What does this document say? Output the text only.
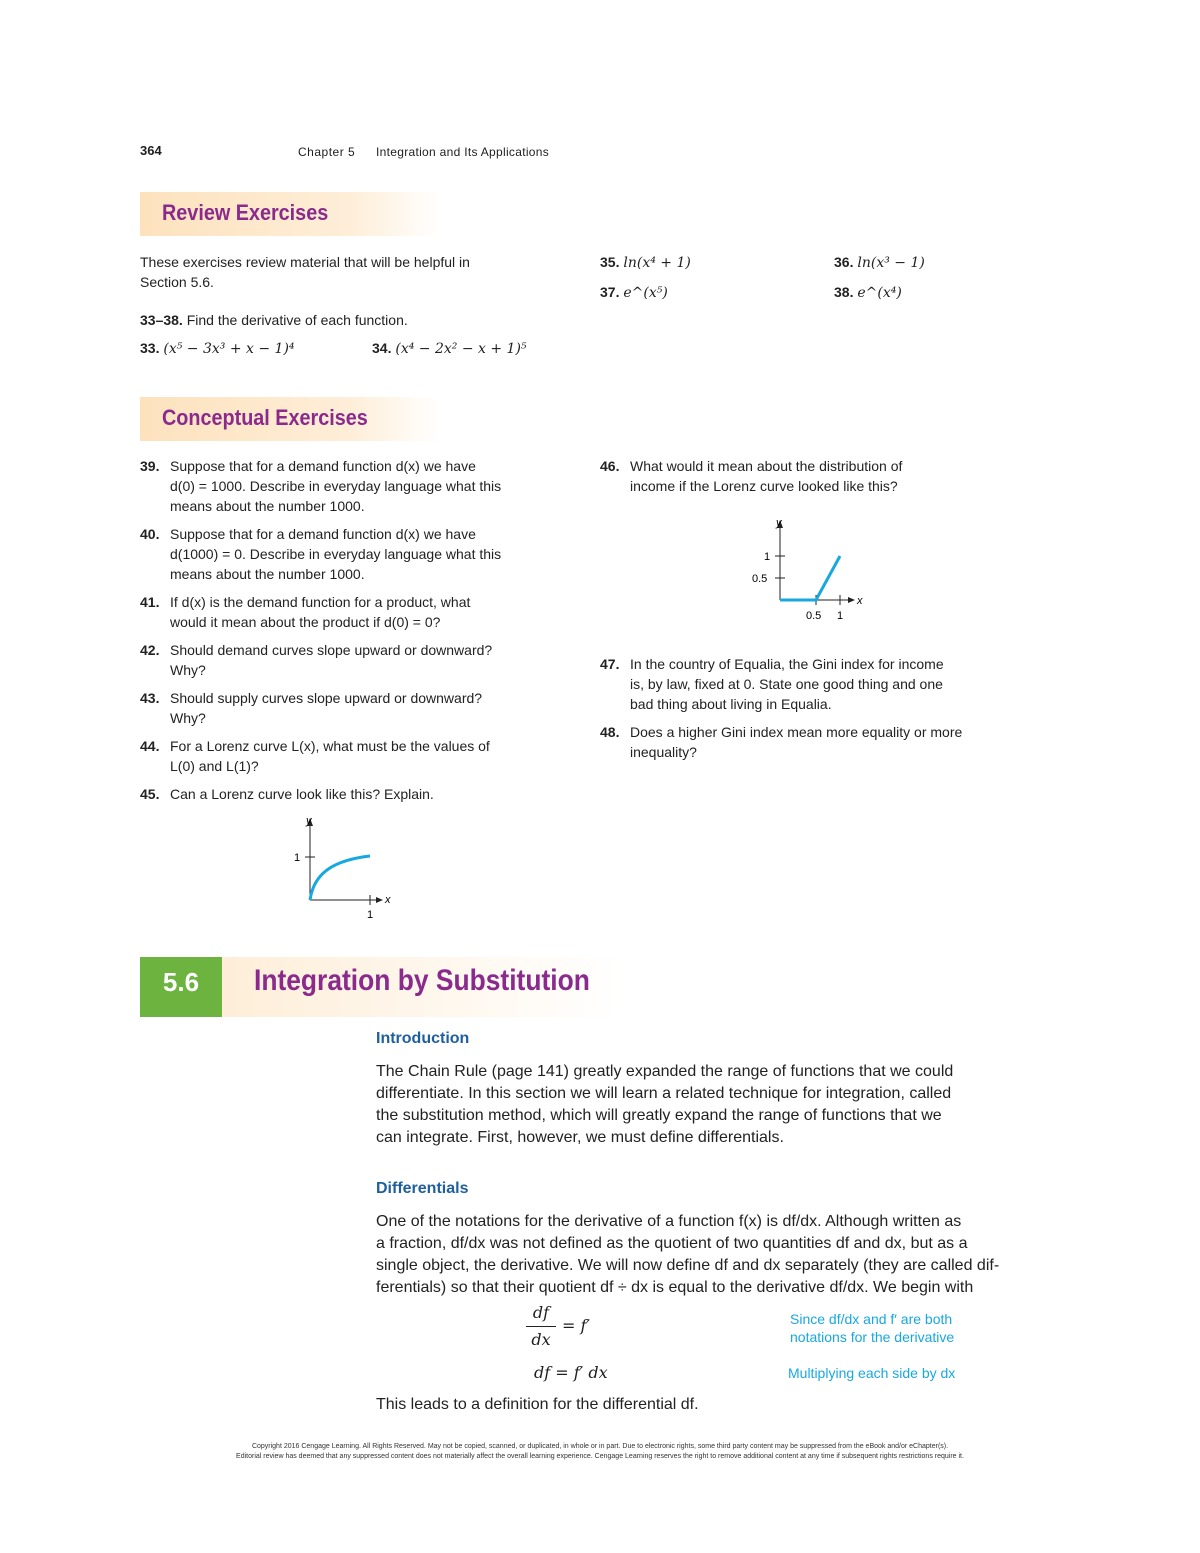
364	Chapter 5 Integration and Its Applications
Review Exercises
These exercises review material that will be helpful in
Section 5.6.
33–38. Find the derivative of each function.
33. (x⁵ − 3x³ + x − 1)⁴	34. (x⁴ − 2x² − x + 1)⁵
35. ln(x⁴ + 1)	36. ln(x³ − 1)
37. e^(x⁵)	38. e^(x⁴)
Conceptual Exercises
39. Suppose that for a demand function d(x) we have
d(0) = 1000. Describe in everyday language what this
means about the number 1000.
40. Suppose that for a demand function d(x) we have
d(1000) = 0. Describe in everyday language what this
means about the number 1000.
41. If d(x) is the demand function for a product, what
would it mean about the product if d(0) = 0?
42. Should demand curves slope upward or downward?
Why?
43. Should supply curves slope upward or downward?
Why?
44. For a Lorenz curve L(x), what must be the values of
L(0) and L(1)?
45. Can a Lorenz curve look like this? Explain.
y
x
1
1
46. What would it mean about the distribution of
income if the Lorenz curve looked like this?
y
x
1
0.5
0.5 1
47. In the country of Equalia, the Gini index for income
is, by law, fixed at 0. State one good thing and one
bad thing about living in Equalia.
48. Does a higher Gini index mean more equality or more
inequality?
5.6	Integration by Substitution
Introduction
The Chain Rule (page 141) greatly expanded the range of functions that we could
differentiate. In this section we will learn a related technique for integration, called
the substitution method, which will greatly expand the range of functions that we
can integrate. First, however, we must define differentials.
Differentials
One of the notations for the derivative of a function f(x) is df/dx. Although written as
a fraction, df/dx was not defined as the quotient of two quantities df and dx, but as a
single object, the derivative. We will now define df and dx separately (they are called dif-
ferentials) so that their quotient df ÷ dx is equal to the derivative df/dx. We begin with
df
dx
= f′	Since df/dx and f′ are both
notations for the derivative
df = f′ dx	Multiplying each side by dx
This leads to a definition for the differential df.
Copyright 2016 Cengage Learning. All Rights Reserved. May not be copied, scanned, or duplicated, in whole or in part. Due to electronic rights, some third party content may be suppressed from the eBook and/or eChapter(s).
Editorial review has deemed that any suppressed content does not materially affect the overall learning experience. Cengage Learning reserves the right to remove additional content at any time if subsequent rights restrictions require it.
